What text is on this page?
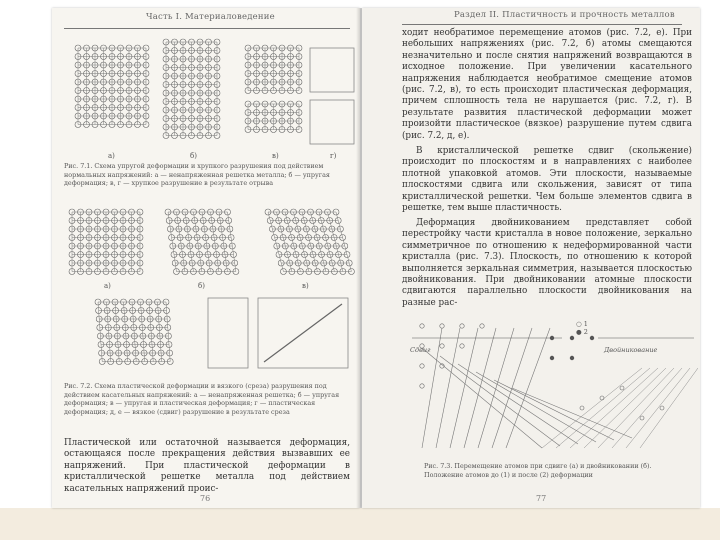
Часть I. Материаловедение
а)	б)	в)	г)
Рис. 7.1. Схема упругой деформации и хрупкого разрушения под действием нормальных напряжений: а — ненапряженная решетка металла; б — упругая деформация; в, г — хрупкое разрушение в результате отрыва
а)	б)	в)
Рис. 7.2. Схема пластической деформации и вязкого (среза) разрушения под действием касательных напряжений: а — ненапряженная решетка; б — упругая деформация; в — упругая и пластическая деформация; г — пластическая деформация; д, е — вязкое (сдвиг) разрушение в результате среза
Пластической или остаточной называется деформация, остающаяся после прекращения действия вызвавших ее напряжений. При пластической деформации в кристаллической решетке металла под действием касательных напряжений проис-
76
Раздел II. Пластичность и прочность металлов
ходит необратимое перемещение атомов (рис. 7.2, е). При небольших напряжениях (рис. 7.2, б) атомы смещаются незначительно и после снятия напряжений возвращаются в исходное положение. При увеличении касательного напряжения наблюдается необратимое смещение атомов (рис. 7.2, в), то есть происходит пластическая деформация, причем сплошность тела не нарушается (рис. 7.2, г). В результате развития пластической деформации может произойти пластическое (вязкое) разрушение путем сдвига (рис. 7.2, д, е).
В кристаллической решетке сдвиг (скольжение) происходит по плоскостям и в направлениях с наиболее плотной упаковкой атомов. Эти плоскости, называемые плоскостями сдвига или скольжения, зависят от типа кристаллической решетки. Чем больше элементов сдвига в решетке, тем выше пластичность.
Деформация двойникованием представляет собой перестройку части кристалла в новое положение, зеркально симметричное по отношению к недеформированной части кристалла (рис. 7.3). Плоскость, по отношению к которой выполняется зеркальная симметрия, называется плоскостью двойникования. При двойниковании атомные плоскости сдвигаются параллельно плоскости двойникования на разные рас-
○ 1
● 2
Сдвиг	Двойникование
Рис. 7.3. Перемещение атомов при сдвиге (а) и двойниковании (б). Положение атомов до (1) и после (2) деформации
77
